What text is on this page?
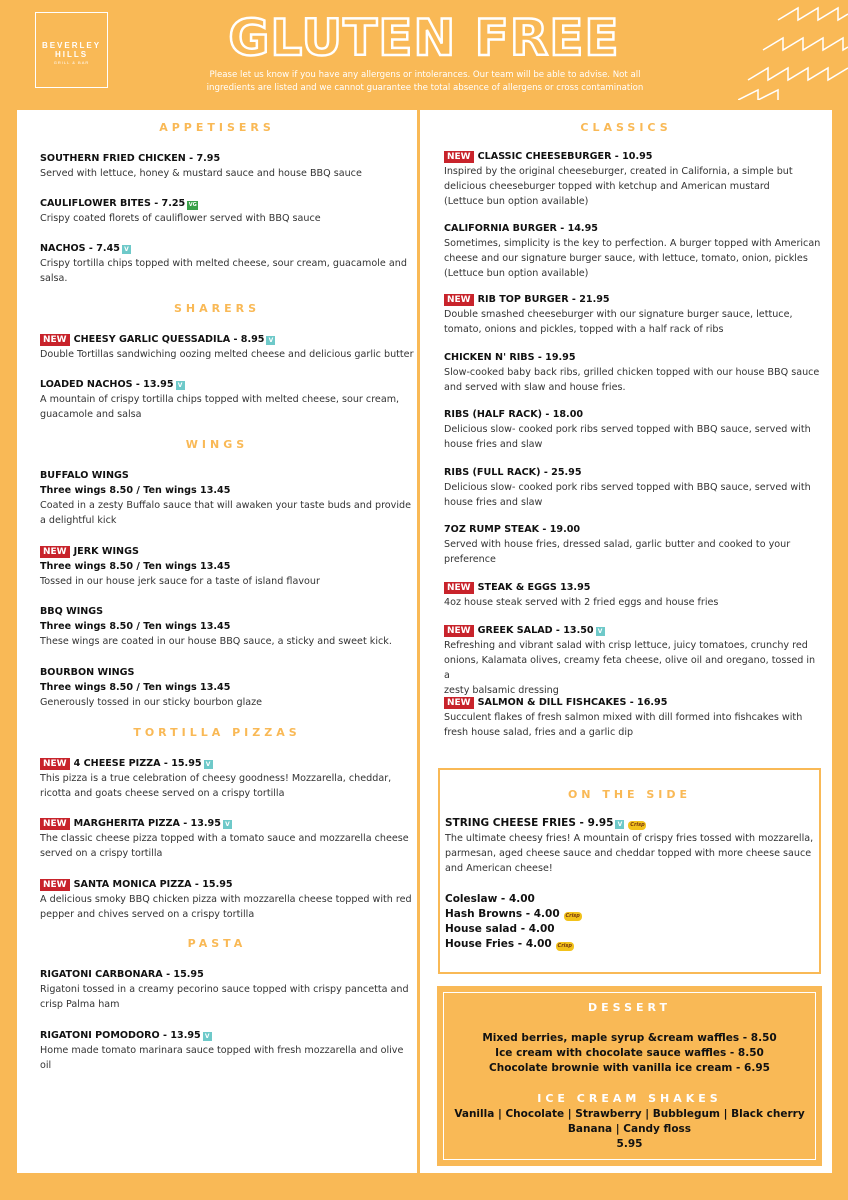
BEVERLEY
HILLS
GRILL & BAR	GLUTEN FREE
Please let us know if you have any allergens or intolerances. Our team will be able to advise. Not all ingredients are listed and we cannot guarantee the total absence of allergens or cross contamination
APPETISERS
SOUTHERN FRIED CHICKEN - 7.95
Served with lettuce, honey & mustard sauce and house BBQ sauce
CAULIFLOWER BITES - 7.25 VG
Crispy coated florets of cauliflower served with BBQ sauce
NACHOS - 7.45 V
Crispy tortilla chips topped with melted cheese, sour cream, guacamole and
salsa.
SHARERS
NEW CHEESY GARLIC QUESSADILA - 8.95 V
Double Tortillas sandwiching oozing melted cheese and delicious garlic butter
LOADED NACHOS - 13.95 V
A mountain of crispy tortilla chips topped with melted cheese, sour cream,
guacamole and salsa
WINGS
BUFFALO WINGS
Three wings 8.50 / Ten wings 13.45
Coated in a zesty Buffalo sauce that will awaken your taste buds and provide
a delightful kick
NEW JERK WINGS
Three wings 8.50 / Ten wings 13.45
Tossed in our house jerk sauce for a taste of island flavour
BBQ WINGS
Three wings 8.50 / Ten wings 13.45
These wings are coated in our house BBQ sauce, a sticky and sweet kick.
BOURBON WINGS
Three wings 8.50 / Ten wings 13.45
Generously tossed in our sticky bourbon glaze
TORTILLA PIZZAS
NEW 4 CHEESE PIZZA - 15.95 V
This pizza is a true celebration of cheesy goodness! Mozzarella, cheddar,
ricotta and goats cheese served on a crispy tortilla
NEW MARGHERITA PIZZA - 13.95 V
The classic cheese pizza topped with a tomato sauce and mozzarella cheese
served on a crispy tortilla
NEW SANTA MONICA PIZZA - 15.95
A delicious smoky BBQ chicken pizza with mozzarella cheese topped with red
pepper and chives served on a crispy tortilla
PASTA
RIGATONI CARBONARA - 15.95
Rigatoni tossed in a creamy pecorino sauce topped with crispy pancetta and
crisp Palma ham
RIGATONI POMODORO - 13.95 V
Home made tomato marinara sauce topped with fresh mozzarella and olive
oil
CLASSICS
NEW CLASSIC CHEESEBURGER - 10.95
Inspired by the original cheeseburger, created in California, a simple but
delicious cheeseburger topped with ketchup and American mustard
(Lettuce bun option available)
CALIFORNIA BURGER - 14.95
Sometimes, simplicity is the key to perfection. A burger topped with American
cheese and our signature burger sauce, with lettuce, tomato, onion, pickles
(Lettuce bun option available)
NEW RIB TOP BURGER - 21.95
Double smashed cheeseburger with our signature burger sauce, lettuce,
tomato, onions and pickles, topped with a half rack of ribs
CHICKEN N' RIBS - 19.95
Slow-cooked baby back ribs, grilled chicken topped with our house BBQ sauce
and served with slaw and house fries.
RIBS (HALF RACK) - 18.00
Delicious slow- cooked pork ribs served topped with BBQ sauce, served with
house fries and slaw
RIBS (FULL RACK) - 25.95
Delicious slow- cooked pork ribs served topped with BBQ sauce, served with
house fries and slaw
7OZ RUMP STEAK - 19.00
Served with house fries, dressed salad, garlic butter and cooked to your
preference
NEW STEAK & EGGS 13.95
4oz house steak served with 2 fried eggs and house fries
NEW GREEK SALAD - 13.50 V
Refreshing and vibrant salad with crisp lettuce, juicy tomatoes, crunchy red
onions, Kalamata olives, creamy feta cheese, olive oil and oregano, tossed in a
zesty balsamic dressing
NEW SALMON & DILL FISHCAKES - 16.95
Succulent flakes of fresh salmon mixed with dill formed into fishcakes with
fresh house salad, fries and a garlic dip
ON THE SIDE
STRING CHEESE FRIES - 9.95 V Crisp
The ultimate cheesy fries! A mountain of crispy fries tossed with mozzarella,
parmesan, aged cheese sauce and cheddar topped with more cheese sauce
and American cheese!
Coleslaw - 4.00
Hash Browns - 4.00 Crisp
House salad - 4.00
House Fries - 4.00 Crisp
DESSERT
Mixed berries, maple syrup &cream waffles - 8.50
Ice cream with chocolate sauce waffles - 8.50
Chocolate brownie with vanilla ice cream - 6.95
ICE CREAM SHAKES
Vanilla | Chocolate | Strawberry | Bubblegum | Black cherry
Banana | Candy floss
5.95
